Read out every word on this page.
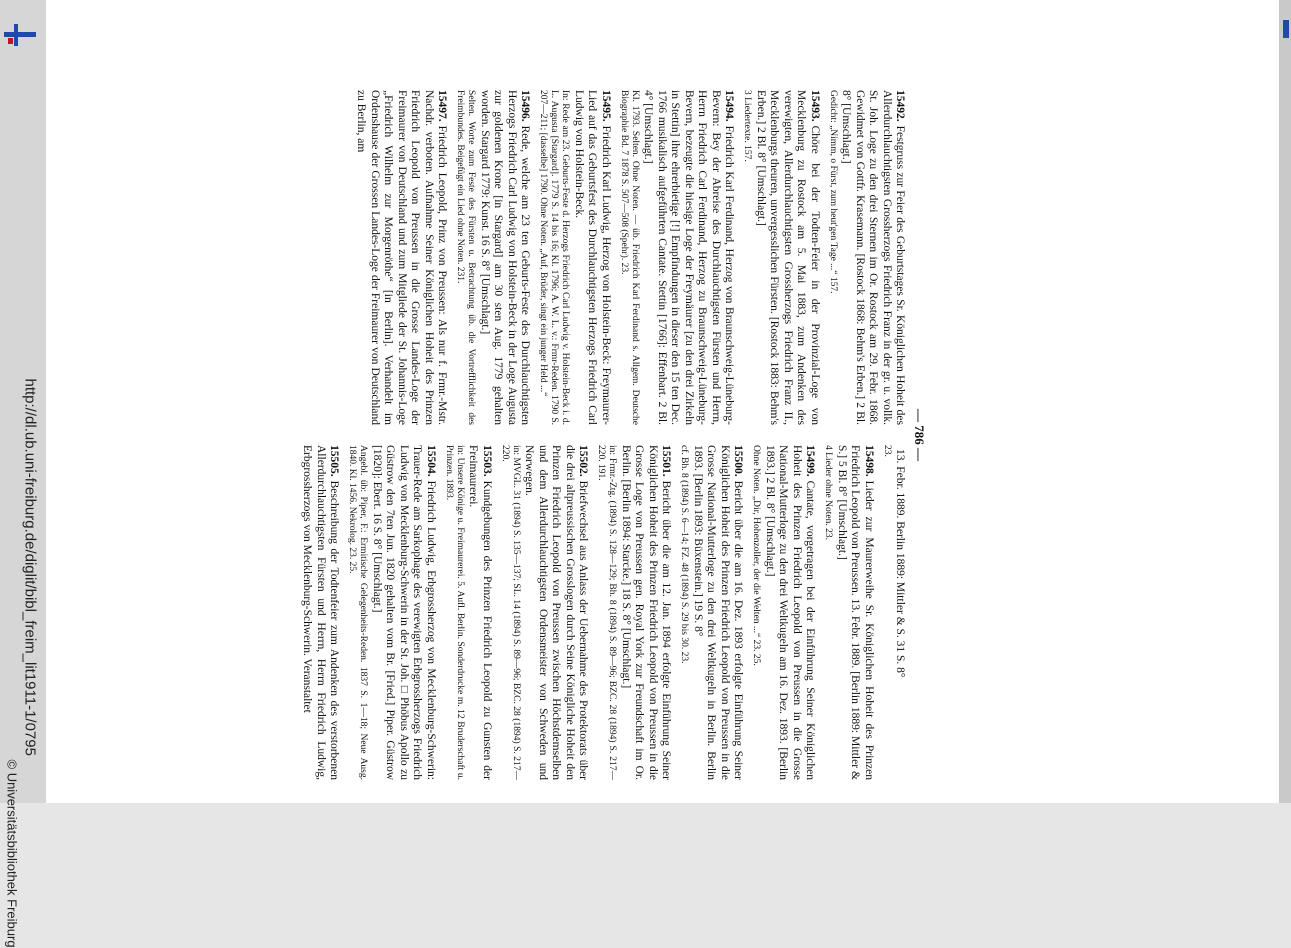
— 786 —

15492.Festgruss zur Feier des Geburtstages Sr. Königlichen Hoheit des Allerdurchlauchtigsten Grossherzogs Friedrich Franz in der gr. u. vollk. St. Joh. Loge zu den drei Sternen im Or. Rostock am 29. Febr. 1868. Gewidmet von Gottfr. Krasemann. [Rostock 1868: Behm's Erben.] 2 Bl. 8° [Umschlagt.]
Gedicht: „Nimm, o Fürst, zum heut'gen Tage ...“ 157.

15493.Chöre bei der Todten-Feier in der Provinzial-Loge von Mecklenburg zu Rostock am 5. Mai 1883, zum Andenken des verewigten, Allerdurchlauchtigsten Grossherzogs Friedrich Franz II., Mecklenburgs theuren, unvergesslichen Fürsten. [Rostock 1883: Behm's Erben.] 2 Bl. 8° [Umschlagt.]
3 Liedertexte. 157.

15494.Friedrich Karl Ferdinand, Herzog von Braunschweig-Lüneburg-Bevern: Bey der Abreise des Durchlauchtigsten Fürsten und Herrn, Herrn Friedrich Carl Ferdinand, Herzog zu Braunschweig-Lüneburg-Bevern, bezeugte die hiesige Loge der Freymäurer [zu den drei Zirkeln in Stettin] ihre ehrerbietige [!] Empfindungen in dieser den 15 ten Dec. 1766 musikalisch aufgeführten Cantate. Stettin [1766]: Effenbart. 2 Bl. 4° [Umschlagt.]
Kl. 1793. Selten. Ohne Noten. — üb. Friedrich Karl Ferdinand s. Allgem. Deutsche Biographie Bd. 7 1878 S. 507—508 (Spehr). 23.

15495.Friedrich Karl Ludwig, Herzog von Holstein-Beck: Freymaurer-Lied auf das Geburtsfest des Durchlauchtigsten Herzogs Friedrich Carl Ludwig von Holstein-Beck.
In: Rede am 23. Geburts-Feste d. Herzogs Friedrich Carl Ludwig v. Holstein-Beck i. d. L. Augusta [Stargard]. 1779 S. 14 bis 16; Kl. 1796; A. W. L. v.: Frmr-Reden. 1790 S. 207—211; [dasselbe] 1790. Ohne Noten. „Auf, Brüder, singt ein junger Held ...“

15496.Rede, welche am 23 ten Geburts-Feste des Durchlauchtigsten Herzogs Friedrich Carl Ludwig von Holstein-Beck in der Loge Augusta zur goldenen Krone [in Stargard] am 30 sten Aug. 1779 gehalten worden. Stargard 1779: Kunst. 16 S. 8° [Umschlagt.]
Selten. Worte zum Feste des Fürsten u. Betrachtung üb. die Vortrefflichkeit des Freimbundes. Beigefügt ein Lied ohne Noten. 231.

15497.Friedrich Leopold, Prinz von Preussen: Als nur f. Frmr.-Mstr. Nachdr. verboten. Aufnahme Seiner Königlichen Hoheit des Prinzen Friedrich Leopold von Preussen in die Grosse Landes-Loge der Freimaurer von Deutschland und zum Mitgliede der St. Johannis-Loge „Friedrich Wilhelm zur Morgenröthe“ [in Berlin]. Verhandelt im Ordenshause der Grossen Landes-Loge der Freimaurer von Deutschland zu Berlin, am

13. Febr. 1889. Berlin 1889: Mittler & S. 31 S. 8°
23.

15498.Lieder zur Maurerweihe Sr. Königlichen Hoheit des Prinzen Friedrich Leopold von Preussen. 13. Febr. 1889. [Berlin 1889: Mittler & S.] 5 Bl. 8° [Umschlagt.]
4 Lieder ohne Noten. 23.

15499.Cantate, vorgetragen bei der Einführung Seiner Königlichen Hoheit des Prinzen Friedrich Leopold von Preussen in die Grosse National-Mutterloge zu den drei Weltkugeln am 16. Dez. 1893. [Berlin 1893.] 2 Bl. 8° [Umschlagt.]
Ohne Noten. „Dir, Hohenzoller, der die Welten ...“ 23. 25.

15500.Bericht über die am 16. Dez. 1893 erfolgte Einführung Seiner Königlichen Hoheit des Prinzen Friedrich Leopold von Preussen in die Grosse National-Mutterloge zu den drei Weltkugeln in Berlin. Berlin 1893. [Berlin 1893: Büxenstein.] 19 S. 8°
cf. Bh. 8 (1894) S. 6—14; FZ. 48 (1894) S. 29 bis 30. 23.

15501.Bericht über die am 12. Jan. 1894 erfolgte Einführung Seiner Königlichen Hoheit des Prinzen Friedrich Leopold von Preussen in die Grosse Loge von Preussen gen. Royal York zur Freundschaft im Or. Berlin. [Berlin 1894: Starcke.] 18 S. 8° [Umschlagt.]
in: Frmr.-Ztg. (1894) S. 128—129; Bh. 8 (1894) S. 89—96; BZC. 28 (1894) S. 217—220. 191.

15502.Briefwechsel aus Anlass der Uebernahme des Protektorats über die drei altpreussischen Grosslogen durch Seine Königliche Hoheit den Prinzen Friedrich Leopold von Preussen zwischen Höchstdemselben und dem Allerdurchlauchtigsten Ordensmeister von Schweden und Norwegen.
in: MVGL. 31 (1894) S. 135—137; SL. 14 (1894) S. 89—96; BZC. 28 (1894) S. 217—220.

15503.Kundgebungen des Prinzen Friedrich Leopold zu Gunsten der Freimaurerei.
in: Unsere Könige u. Freimaurerei. 5. Aufl. Berlin. Sonderdrucke m. 12 Bruderschaft u. Prinzen. 1893.

15504.Friedrich Ludwig, Erbgrossherzog von Mecklenburg-Schwerin: Trauer-Rede am Sarkophage des verewigten Erbgrossherzogs Friedrich Ludwig von Mecklenburg-Schwerin in der St. Joh. □ Phöbus Apollo zu Güstrow den 7ten Jun. 1820 gehalten vom Br. [Fried.] Piper. Güstrow [1820]: Ebert. 16 S. 8° [Umschlagt.]
Angebl. üb: Piper, F.: Ermitische Gelegenheits-Reden. 1837 S. 1—18; Neue Ausg. 1840. Kl. 1456. Nekrolog. 23. 25.

15505.Beschreibung der Todtenfeier zum Andenken des verstorbenen Allerdurchlauchtigsten Fürsten und Herrn, Herrn Friedrich Ludwig, Erbgrossherzogs von Mecklenburg-Schwerin. Veranstaltet

http://dl.ub.uni-freiburg.de/diglit/bibl_freim_lit1911-1/0795
© Universitätsbibliothek Freiburg
